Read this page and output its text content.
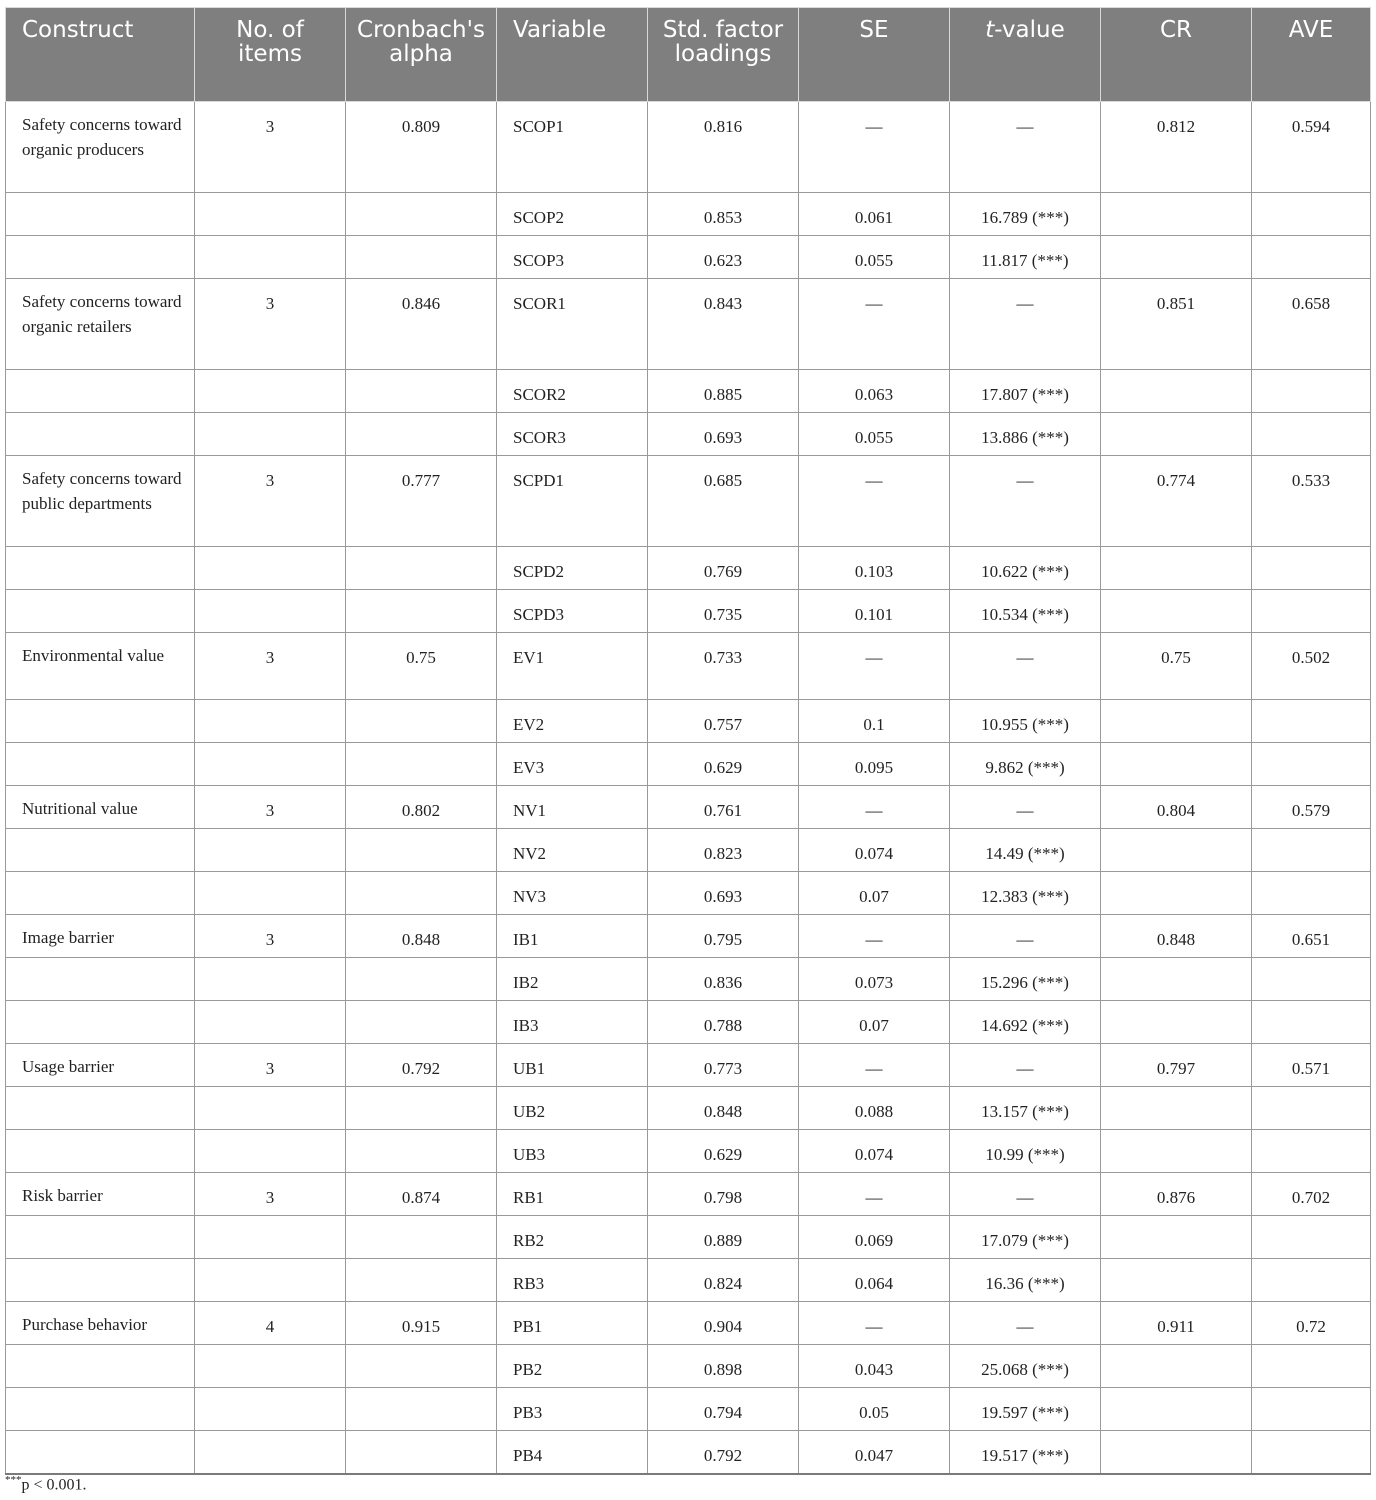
Construct	No. of items	Cronbach's alpha	Variable	Std. factor loadings	SE	t-value	CR	AVE
Safety concerns toward organic producers	3	0.809	SCOP1	0.816	—	—	0.812	0.594
			SCOP2	0.853	0.061	16.789 (***)		
			SCOP3	0.623	0.055	11.817 (***)		
Safety concerns toward organic retailers	3	0.846	SCOR1	0.843	—	—	0.851	0.658
			SCOR2	0.885	0.063	17.807 (***)		
			SCOR3	0.693	0.055	13.886 (***)		
Safety concerns toward public departments	3	0.777	SCPD1	0.685	—	—	0.774	0.533
			SCPD2	0.769	0.103	10.622 (***)		
			SCPD3	0.735	0.101	10.534 (***)		
Environmental value	3	0.75	EV1	0.733	—	—	0.75	0.502
			EV2	0.757	0.1	10.955 (***)		
			EV3	0.629	0.095	9.862 (***)		
Nutritional value	3	0.802	NV1	0.761	—	—	0.804	0.579
			NV2	0.823	0.074	14.49 (***)		
			NV3	0.693	0.07	12.383 (***)		
Image barrier	3	0.848	IB1	0.795	—	—	0.848	0.651
			IB2	0.836	0.073	15.296 (***)		
			IB3	0.788	0.07	14.692 (***)		
Usage barrier	3	0.792	UB1	0.773	—	—	0.797	0.571
			UB2	0.848	0.088	13.157 (***)		
			UB3	0.629	0.074	10.99 (***)		
Risk barrier	3	0.874	RB1	0.798	—	—	0.876	0.702
			RB2	0.889	0.069	17.079 (***)		
			RB3	0.824	0.064	16.36 (***)		
Purchase behavior	4	0.915	PB1	0.904	—	—	0.911	0.72
			PB2	0.898	0.043	25.068 (***)		
			PB3	0.794	0.05	19.597 (***)		
			PB4	0.792	0.047	19.517 (***)		
***p < 0.001.
